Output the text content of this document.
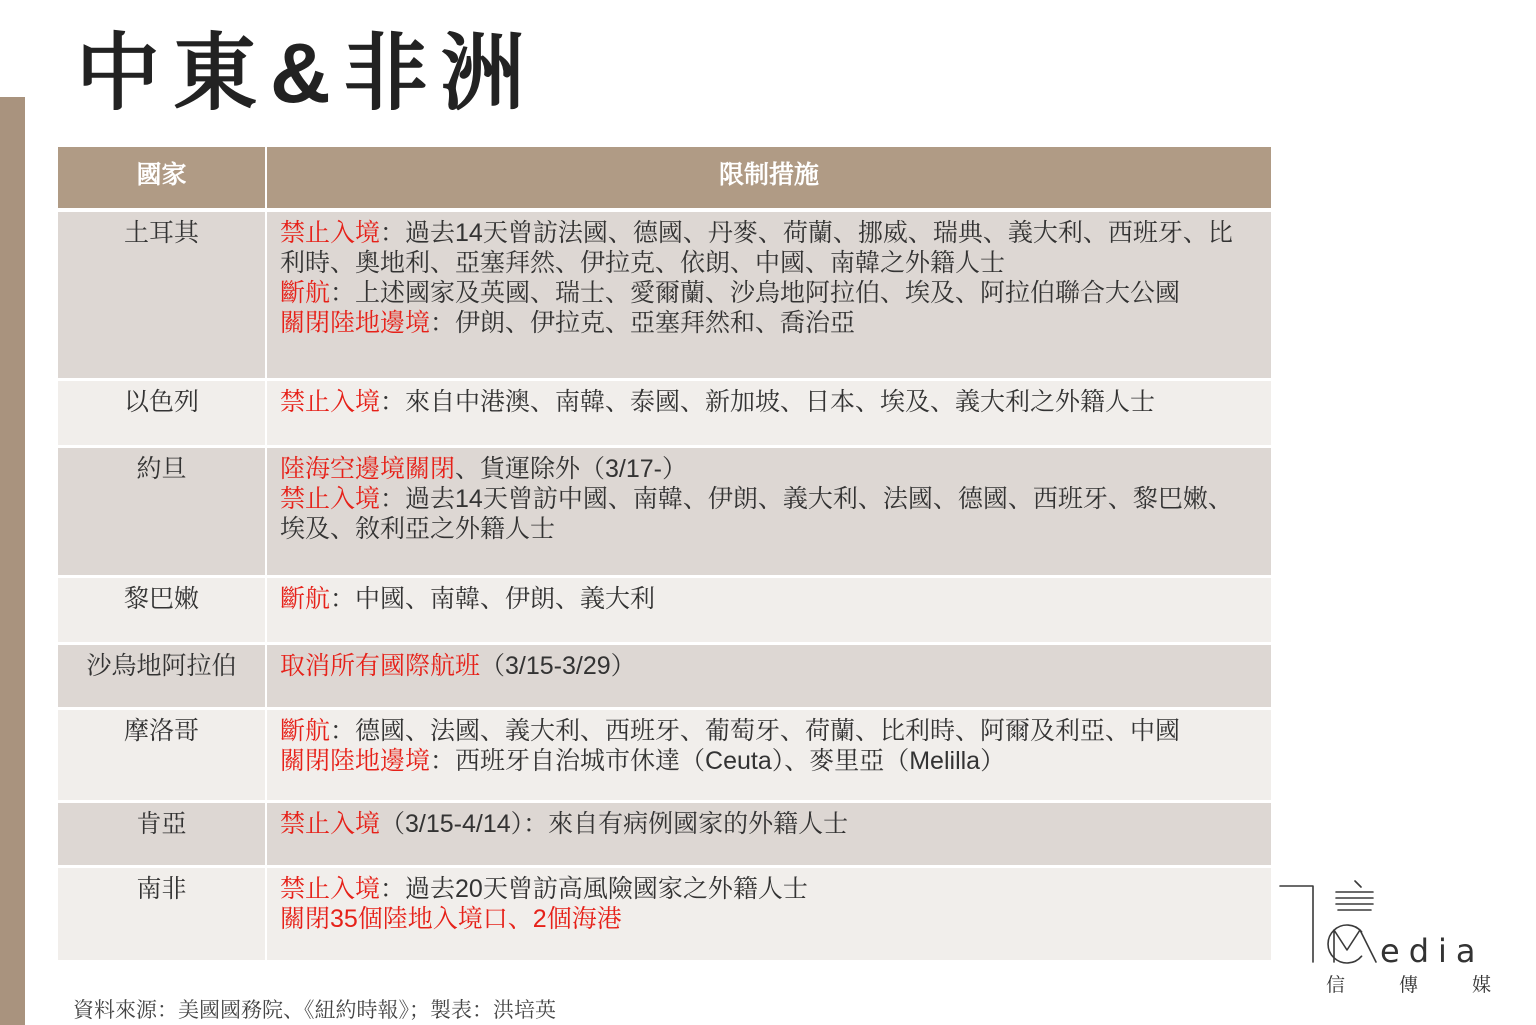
中東&非洲
國家	限制措施
土耳其	禁止入境：過去14天曾訪法國、德國、丹麥、荷蘭、挪威、瑞典、義大利、西班牙、比利時、奧地利、亞塞拜然、伊拉克、依朗、中國、南韓之外籍人士

斷航：上述國家及英國、瑞士、愛爾蘭、沙烏地阿拉伯、埃及、阿拉伯聯合大公國

關閉陸地邊境：伊朗、伊拉克、亞塞拜然和、喬治亞

以色列	禁止入境：來自中港澳、南韓、泰國、新加坡、日本、埃及、義大利之外籍人士

約旦	陸海空邊境關閉、貨運除外（3/17-）

禁止入境：過去14天曾訪中國、南韓、伊朗、義大利、法國、德國、西班牙、黎巴嫩、埃及、敘利亞之外籍人士

黎巴嫩	斷航：中國、南韓、伊朗、義大利

沙烏地阿拉伯	取消所有國際航班（3/15-3/29）

摩洛哥	斷航：德國、法國、義大利、西班牙、葡萄牙、荷蘭、比利時、阿爾及利亞、中國

關閉陸地邊境：西班牙自治城市休達（Ceuta）、麥里亞（Melilla）

肯亞	禁止入境（3/15-4/14）：來自有病例國家的外籍人士

南非	禁止入境：過去20天曾訪高風險國家之外籍人士

關閉35個陸地入境口、2個海港

資料來源：美國國務院、《紐約時報》；製表：洪培英
edia
信	傳	媒
